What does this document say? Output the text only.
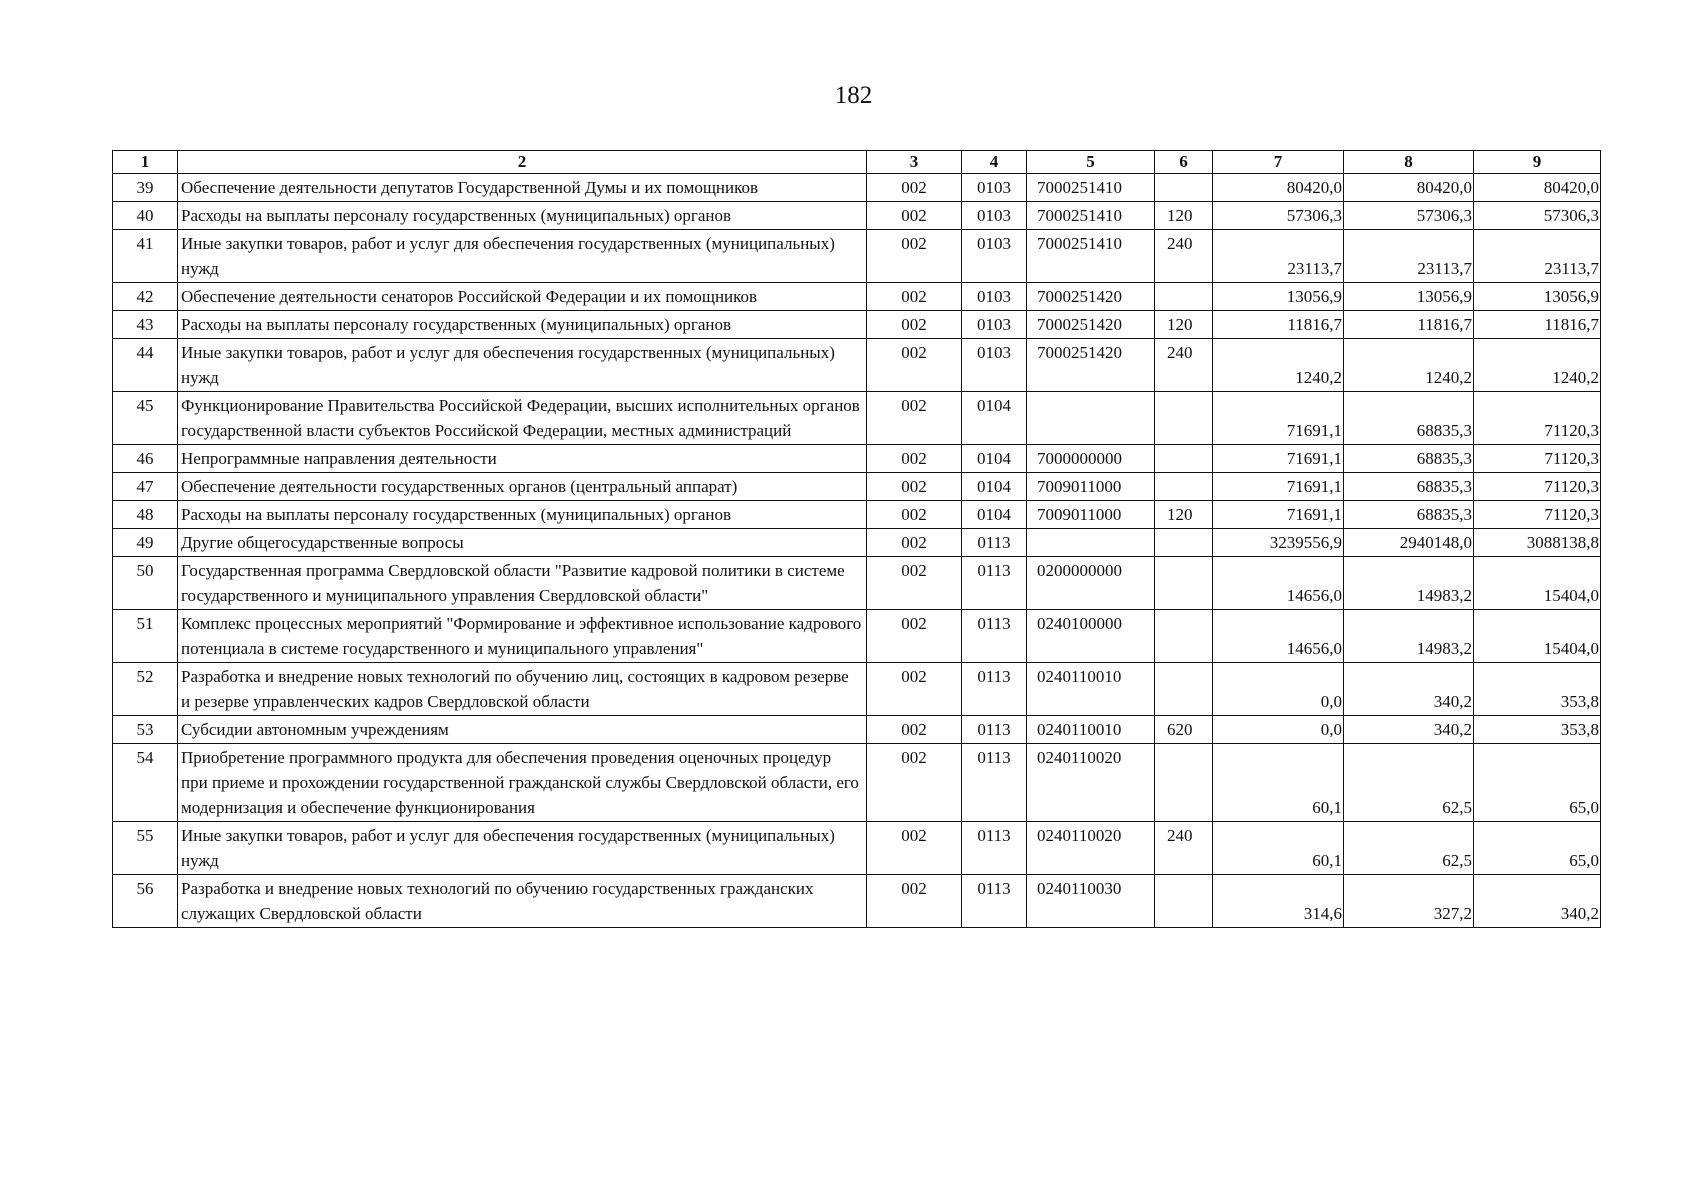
182
1	2	3	4	5	6	7	8	9
39	Обеспечение деятельности депутатов Государственной Думы и их помощников	002	0103	7000251410		80420,0	80420,0	80420,0
40	Расходы на выплаты персоналу государственных (муниципальных) органов	002	0103	7000251410	120	57306,3	57306,3	57306,3
41	Иные закупки товаров, работ и услуг для обеспечения государственных (муниципальных) нужд	002	0103	7000251410	240	23113,7	23113,7	23113,7
42	Обеспечение деятельности сенаторов Российской Федерации и их помощников	002	0103	7000251420		13056,9	13056,9	13056,9
43	Расходы на выплаты персоналу государственных (муниципальных) органов	002	0103	7000251420	120	11816,7	11816,7	11816,7
44	Иные закупки товаров, работ и услуг для обеспечения государственных (муниципальных) нужд	002	0103	7000251420	240	1240,2	1240,2	1240,2
45	Функционирование Правительства Российской Федерации, высших исполнительных органов государственной власти субъектов Российской Федерации, местных администраций	002	0104			71691,1	68835,3	71120,3
46	Непрограммные направления деятельности	002	0104	7000000000		71691,1	68835,3	71120,3
47	Обеспечение деятельности государственных органов (центральный аппарат)	002	0104	7009011000		71691,1	68835,3	71120,3
48	Расходы на выплаты персоналу государственных (муниципальных) органов	002	0104	7009011000	120	71691,1	68835,3	71120,3
49	Другие общегосударственные вопросы	002	0113			3239556,9	2940148,0	3088138,8
50	Государственная программа Свердловской области "Развитие кадровой политики в системе государственного и муниципального управления Свердловской области"	002	0113	0200000000		14656,0	14983,2	15404,0
51	Комплекс процессных мероприятий "Формирование и эффективное использование кадрового потенциала в системе государственного и муниципального управления"	002	0113	0240100000		14656,0	14983,2	15404,0
52	Разработка и внедрение новых технологий по обучению лиц, состоящих в кадровом резерве и резерве управленческих кадров Свердловской области	002	0113	0240110010		0,0	340,2	353,8
53	Субсидии автономным учреждениям	002	0113	0240110010	620	0,0	340,2	353,8
54	Приобретение программного продукта для обеспечения проведения оценочных процедур при приеме и прохождении государственной гражданской службы Свердловской области, его модернизация и обеспечение функционирования	002	0113	0240110020		60,1	62,5	65,0
55	Иные закупки товаров, работ и услуг для обеспечения государственных (муниципальных) нужд	002	0113	0240110020	240	60,1	62,5	65,0
56	Разработка и внедрение новых технологий по обучению государственных гражданских служащих Свердловской области	002	0113	0240110030		314,6	327,2	340,2
